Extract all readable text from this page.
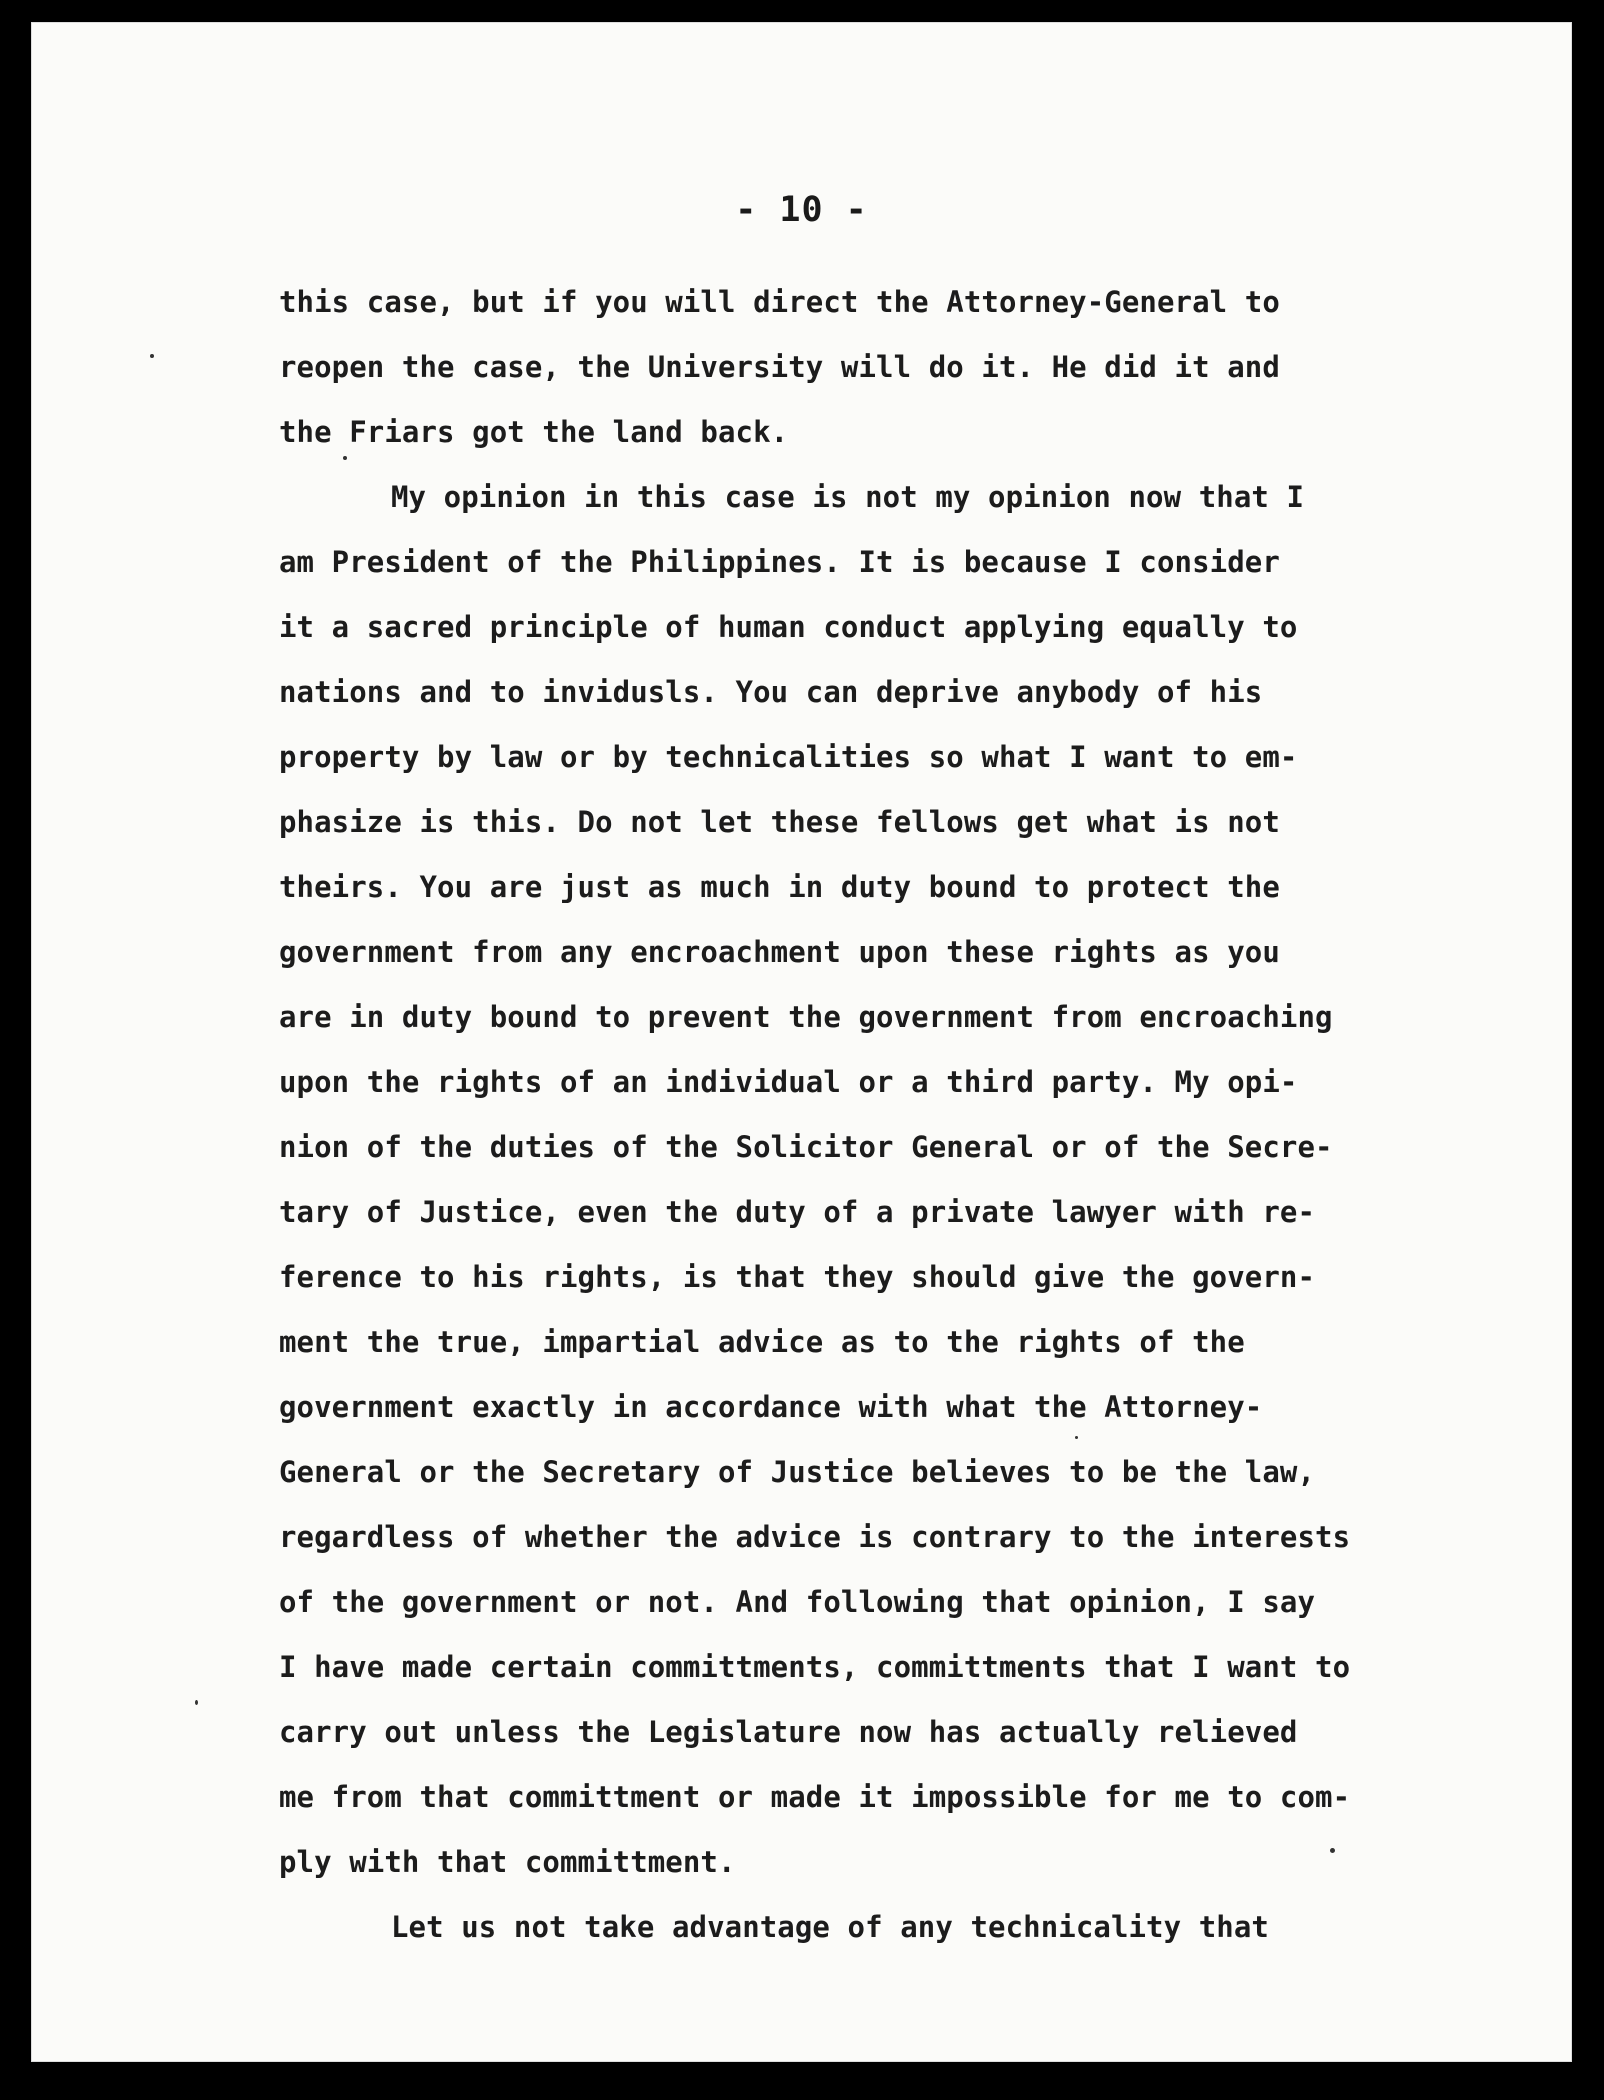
- 10 -
this case, but if you will direct the Attorney-General to
reopen the case, the University will do it. He did it and
the Friars got the land back.
My opinion in this case is not my opinion now that I
am President of the Philippines. It is because I consider
it a sacred principle of human conduct applying equally to
nations and to invidusls. You can deprive anybody of his
property by law or by technicalities so what I want to em-
phasize is this. Do not let these fellows get what is not
theirs. You are just as much in duty bound to protect the
government from any encroachment upon these rights as you
are in duty bound to prevent the government from encroaching
upon the rights of an individual or a third party. My opi-
nion of the duties of the Solicitor General or of the Secre-
tary of Justice, even the duty of a private lawyer with re-
ference to his rights, is that they should give the govern-
ment the true, impartial advice as to the rights of the
government exactly in accordance with what the Attorney-
General or the Secretary of Justice believes to be the law,
regardless of whether the advice is contrary to the interests
of the government or not. And following that opinion, I say
I have made certain committments, committments that I want to
carry out unless the Legislature now has actually relieved
me from that committment or made it impossible for me to com-
ply with that committment.
Let us not take advantage of any technicality that
